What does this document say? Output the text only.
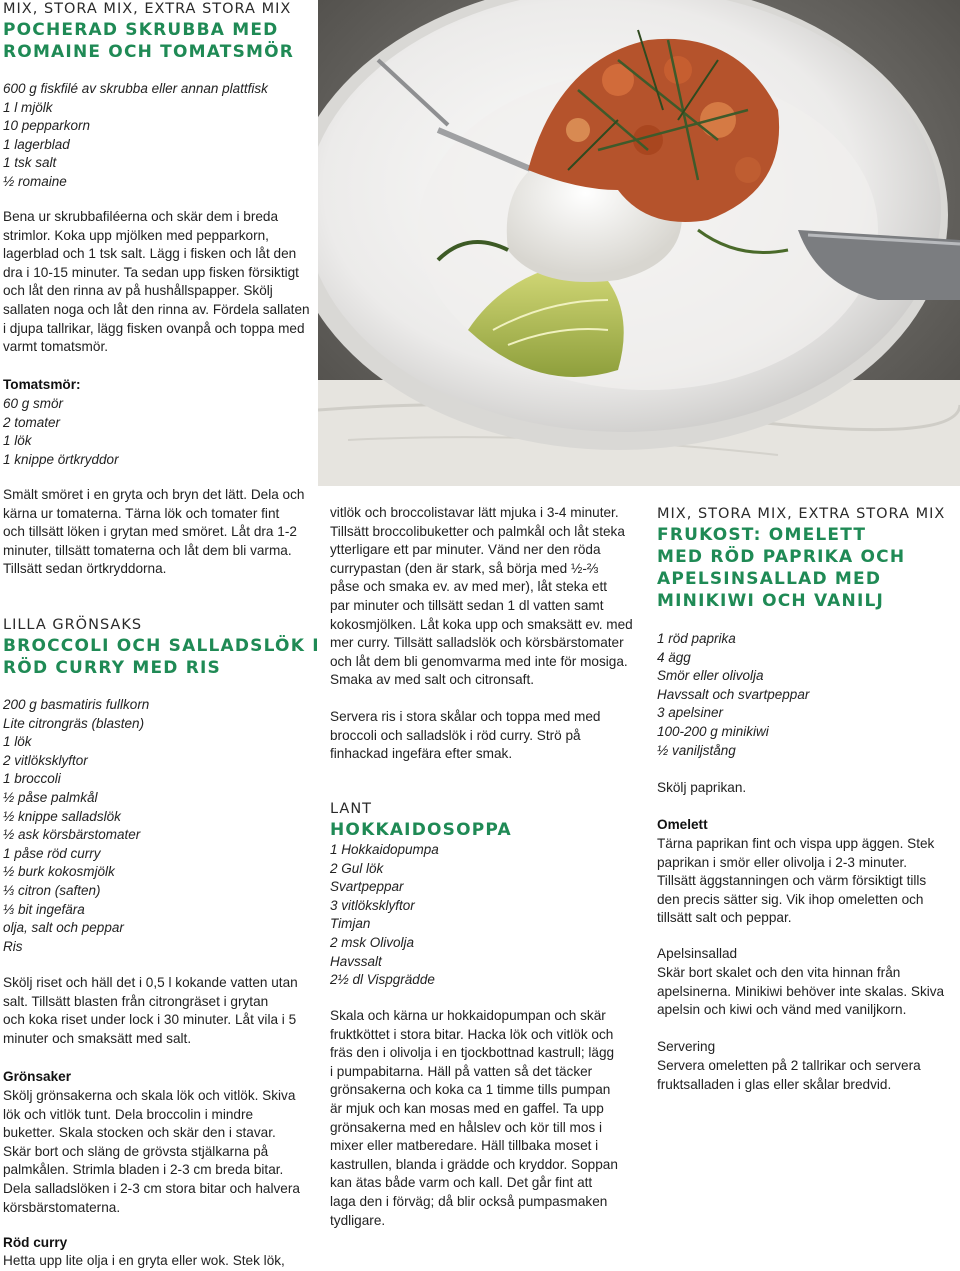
MIX, STORA MIX, EXTRA STORA MIX
POCHERAD SKRUBBA MED
ROMAINE OCH TOMATSMÖR
600 g fiskfilé av skrubba eller annan plattfisk
1 l mjölk
10 pepparkorn
1 lagerblad
1 tsk salt
½ romaine
Bena ur skrubbafiléerna och skär dem i breda
strimlor. Koka upp mjölken med pepparkorn,
lagerblad och 1 tsk salt. Lägg i fisken och låt den
dra i 10-15 minuter. Ta sedan upp fisken försiktigt
och låt den rinna av på hushållspapper. Skölj
sallaten noga och låt den rinna av. Fördela sallaten
i djupa tallrikar, lägg fisken ovanpå och toppa med
varmt tomatsmör.
Tomatsmör:
60 g smör
2 tomater
1 lök
1 knippe örtkryddor
Smält smöret i en gryta och bryn det lätt. Dela och
kärna ur tomaterna. Tärna lök och tomater fint
och tillsätt löken i grytan med smöret. Låt dra 1-2
minuter, tillsätt tomaterna och låt dem bli varma.
Tillsätt sedan örtkryddorna.
LILLA GRÖNSAKS
BROCCOLI OCH SALLADSLÖK I
RÖD CURRY MED RIS
200 g basmatiris fullkorn
Lite citrongräs (blasten)
1 lök
2 vitlöksklyftor
1 broccoli
½ påse palmkål
½ knippe salladslök
½ ask körsbärstomater
1 påse röd curry
½ burk kokosmjölk
⅓ citron (saften)
⅓ bit ingefära
olja, salt och peppar
Ris
Skölj riset och häll det i 0,5 l kokande vatten utan
salt. Tillsätt blasten från citrongräset i grytan
och koka riset under lock i 30 minuter. Låt vila i 5
minuter och smaksätt med salt.
Grönsaker
Skölj grönsakerna och skala lök och vitlök. Skiva
lök och vitlök tunt. Dela broccolin i mindre
buketter. Skala stocken och skär den i stavar.
Skär bort och släng de grövsta stjälkarna på
palmkålen. Strimla bladen i 2-3 cm breda bitar.
Dela salladslöken i 2-3 cm stora bitar och halvera
körsbärstomaterna.
Röd curry
Hetta upp lite olja i en gryta eller wok. Stek lök,
vitlök och broccolistavar lätt mjuka i 3-4 minuter.
Tillsätt broccolibuketter och palmkål och låt steka
ytterligare ett par minuter. Vänd ner den röda
currypastan (den är stark, så börja med ½-⅔
påse och smaka ev. av med mer), låt steka ett
par minuter och tillsätt sedan 1 dl vatten samt
kokosmjölken. Låt koka upp och smaksätt ev. med
mer curry. Tillsätt salladslök och körsbärstomater
och låt dem bli genomvarma med inte för mosiga.
Smaka av med salt och citronsaft.
Servera ris i stora skålar och toppa med med
broccoli och salladslök i röd curry. Strö på
finhackad ingefära efter smak.
LANT
HOKKAIDOSOPPA
1 Hokkaidopumpa
2 Gul lök
Svartpeppar
3 vitlöksklyftor
Timjan
2 msk Olivolja
Havssalt
2½ dl Vispgrädde
Skala och kärna ur hokkaidopumpan och skär
fruktköttet i stora bitar. Hacka lök och vitlök och
fräs den i olivolja i en tjockbottnad kastrull; lägg
i pumpabitarna. Häll på vatten så det täcker
grönsakerna och koka ca 1 timme tills pumpan
är mjuk och kan mosas med en gaffel. Ta upp
grönsakerna med en hålslev och kör till mos i
mixer eller matberedare. Häll tillbaka moset i
kastrullen, blanda i grädde och kryddor. Soppan
kan ätas både varm och kall. Det går fint att
laga den i förväg; då blir också pumpasmaken
tydligare.
MIX, STORA MIX, EXTRA STORA MIX
FRUKOST: OMELETT
MED RÖD PAPRIKA OCH
APELSINSALLAD MED
MINIKIWI OCH VANILJ
1 röd paprika
4 ägg
Smör eller olivolja
Havssalt och svartpeppar
3 apelsiner
100-200 g minikiwi
½ vaniljstång
Skölj paprikan.
Omelett
Tärna paprikan fint och vispa upp äggen. Stek
paprikan i smör eller olivolja i 2-3 minuter.
Tillsätt äggstanningen och värm försiktigt tills
den precis sätter sig. Vik ihop omeletten och
tillsätt salt och peppar.
Apelsinsallad
Skär bort skalet och den vita hinnan från
apelsinerna. Minikiwi behöver inte skalas. Skiva
apelsin och kiwi och vänd med vaniljkorn.
Servering
Servera omeletten på 2 tallrikar och servera
fruktsalladen i glas eller skålar bredvid.
